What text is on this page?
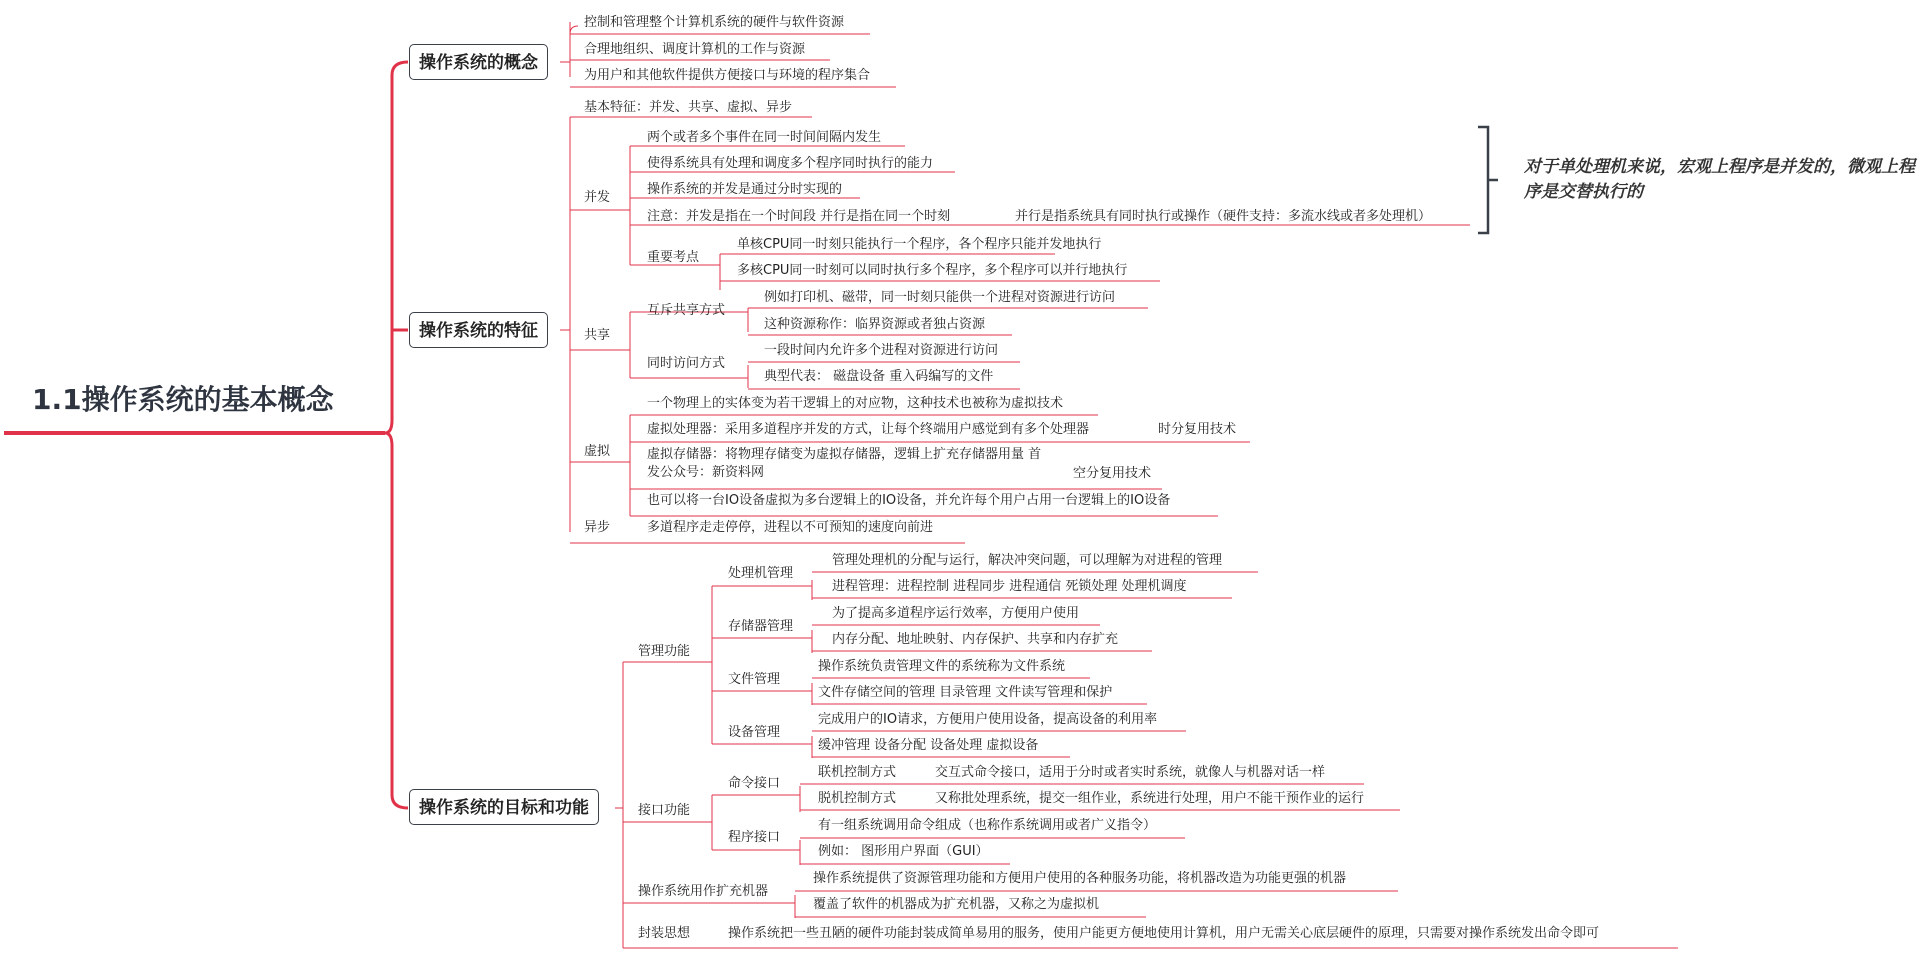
1.1操作系统的基本概念
操作系统的概念
操作系统的特征
操作系统的目标和功能
控制和管理整个计算机系统的硬件与软件资源
合理地组织、调度计算机的工作与资源
为用户和其他软件提供方便接口与环境的程序集合
基本特征：并发、共享、虚拟、异步
并发
两个或者多个事件在同一时间间隔内发生
使得系统具有处理和调度多个程序同时执行的能力
操作系统的并发是通过分时实现的
注意：并发是指在一个时间段 并行是指在同一个时刻	并行是指系统具有同时执行或操作（硬件支持：多流水线或者多处理机）
重要考点
单核CPU同一时刻只能执行一个程序，各个程序只能并发地执行
多核CPU同一时刻可以同时执行多个程序，多个程序可以并行地执行
对于单处理机来说，宏观上程序是并发的，微观上程序是交替执行的
共享
互斥共享方式
例如打印机、磁带，同一时刻只能供一个进程对资源进行访问
这种资源称作：临界资源或者独占资源
同时访问方式
一段时间内允许多个进程对资源进行访问
典型代表： 磁盘设备 重入码编写的文件
虚拟
一个物理上的实体变为若干逻辑上的对应物，这种技术也被称为虚拟技术
虚拟处理器：采用多道程序并发的方式，让每个终端用户感觉到有多个处理器	时分复用技术
虚拟存储器：将物理存储变为虚拟存储器，逻辑上扩充存储器用量 首发公众号：新资料网	空分复用技术
也可以将一台IO设备虚拟为多台逻辑上的IO设备，并允许每个用户占用一台逻辑上的IO设备
异步	多道程序走走停停，进程以不可预知的速度向前进
管理功能
处理机管理
管理处理机的分配与运行，解决冲突问题，可以理解为对进程的管理
进程管理：进程控制 进程同步 进程通信 死锁处理 处理机调度
存储器管理
为了提高多道程序运行效率，方便用户使用
内存分配、地址映射、内存保护、共享和内存扩充
文件管理
操作系统负责管理文件的系统称为文件系统
文件存储空间的管理 目录管理 文件读写管理和保护
设备管理
完成用户的IO请求，方便用户使用设备，提高设备的利用率
缓冲管理 设备分配 设备处理 虚拟设备
接口功能
命令接口
联机控制方式	交互式命令接口，适用于分时或者实时系统，就像人与机器对话一样
脱机控制方式	又称批处理系统，提交一组作业，系统进行处理，用户不能干预作业的运行
程序接口
有一组系统调用命令组成（也称作系统调用或者广义指令）
例如： 图形用户界面（GUI）
操作系统用作扩充机器
操作系统提供了资源管理功能和方便用户使用的各种服务功能，将机器改造为功能更强的机器
覆盖了软件的机器成为扩充机器，又称之为虚拟机
封装思想	操作系统把一些丑陋的硬件功能封装成简单易用的服务，使用户能更方便地使用计算机，用户无需关心底层硬件的原理，只需要对操作系统发出命令即可
